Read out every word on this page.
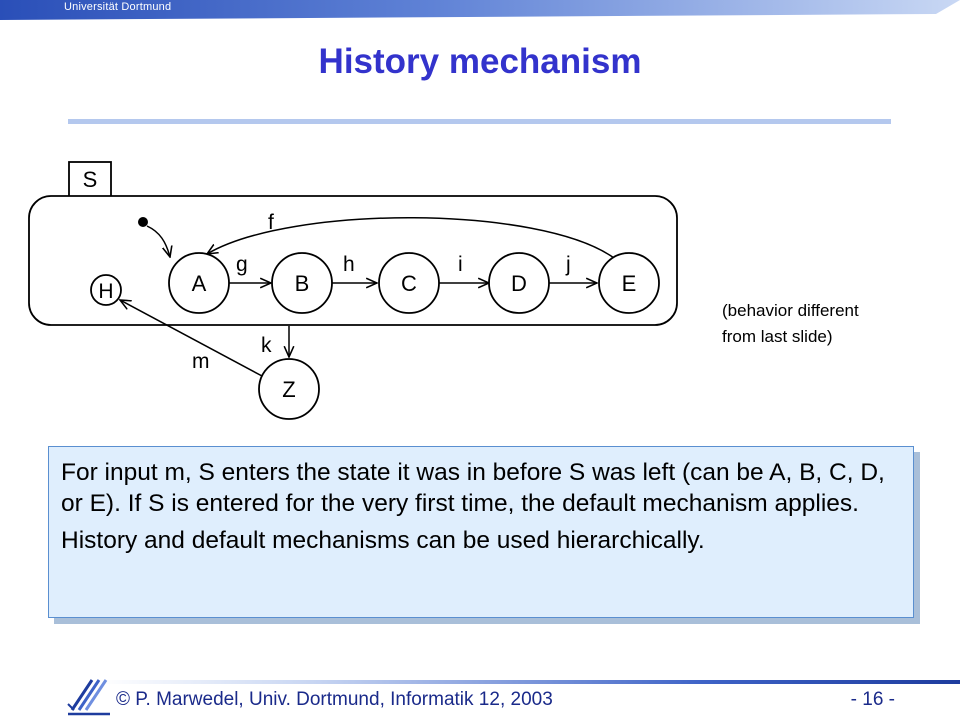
Universität Dortmund
History mechanism
S
f
g	h	i	j
A	B	C	D	E
H
k
Z
m
(behavior different
from last slide)

For input m, S enters the state it was in before S was left (can be A, B, C, D, or E). If S is entered for the very first time, the default mechanism applies.

History and default mechanisms can be used hierarchically.

© P. Marwedel, Univ. Dortmund, Informatik 12, 2003	- 16 -
